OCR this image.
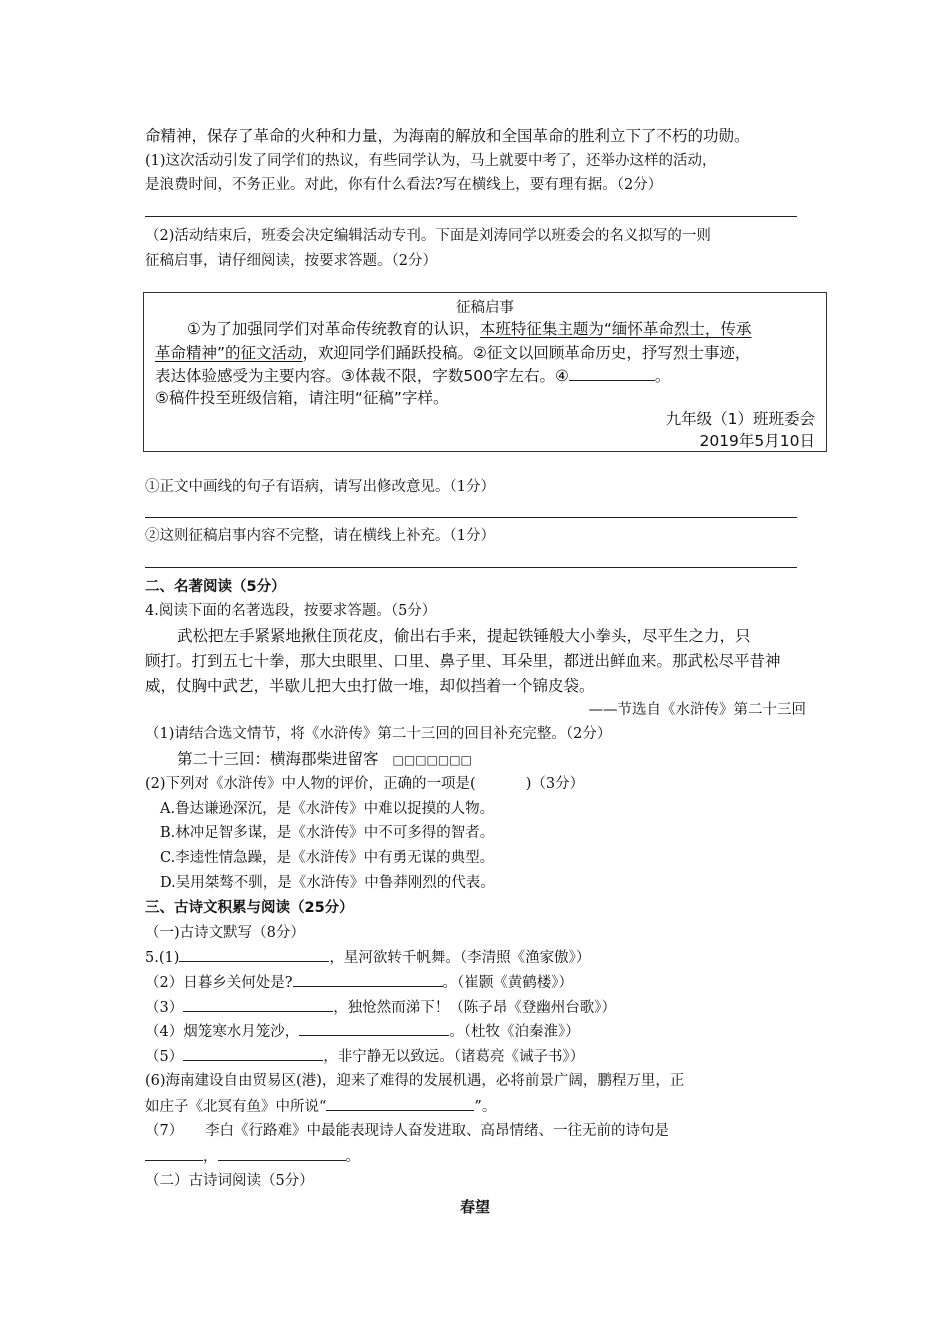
命精神，保存了革命的火种和力量，为海南的解放和全国革命的胜利立下了不朽的功勋。
(1)这次活动引发了同学们的热议，有些同学认为，马上就要中考了，还举办这样的活动，
是浪费时间，不务正业。对此，你有什么看法?写在横线上，要有理有据。（2分）
（2)活动结束后，班委会决定编辑活动专刊。下面是刘涛同学以班委会的名义拟写的一则
征稿启事，请仔细阅读，按要求答题。（2分）
征稿启事
①为了加强同学们对革命传统教育的认识，本班特征集主题为“缅怀革命烈士，传承
革命精神”的征文活动，欢迎同学们踊跃投稿。②征文以回顾革命历史，抒写烈士事迹，
表达体验感受为主要内容。③体裁不限，字数500字左右。④	。
⑤稿件投至班级信箱，请注明“征稿”字样。
九年级（1）班班委会
2019年5月10日
①正文中画线的句子有语病，请写出修改意见。（1分）
②这则征稿启事内容不完整，请在横线上补充。（1分）
二、名著阅读（5分）
4.阅读下面的名著选段，按要求答题。（5分）
武松把左手紧紧地揪住顶花皮，偷出右手来，提起铁锤般大小拳头，尽平生之力，只
顾打。打到五七十拳，那大虫眼里、口里、鼻子里、耳朵里，都迸出鲜血来。那武松尽平昔神
威，仗胸中武艺，半歇儿把大虫打做一堆，却似挡着一个锦皮袋。
——节选自《水浒传》第二十三回
（1)请结合选文情节，将《水浒传》第二十三回的回目补充完整。（2分）
第二十三回：横海郡柴进留客 □□□□□□□
(2)下列对《水浒传》中人物的评价，正确的一项是(	)（3分）
A.鲁达谦逊深沉，是《水浒传》中难以捉摸的人物。
B.林冲足智多谋，是《水浒传》中不可多得的智者。
C.李逵性情急躁，是《水浒传》中有勇无谋的典型。
D.吴用桀骜不驯，是《水浒传》中鲁莽刚烈的代表。
三、古诗文积累与阅读（25分）
（一)古诗文默写（8分）
5.(1)	，星河欲转千帆舞。（李清照《渔家傲》）
（2）日暮乡关何处是?	。（崔颢《黄鹤楼》）
（3）	，独怆然而涕下！（陈子昂《登幽州台歌》）
（4）烟笼寒水月笼沙，	。（杜牧《泊秦淮》）
（5）	，非宁静无以致远。（诸葛亮《诫子书》）
(6)海南建设自由贸易区(港)，迎来了难得的发展机遇，必将前景广阔，鹏程万里，正
如庄子《北冥有鱼》中所说“	”。
（7）　　李白《行路难》中最能表现诗人奋发进取、高昂情绪、一往无前的诗句是
，	。
（二）古诗词阅读（5分）
春望
